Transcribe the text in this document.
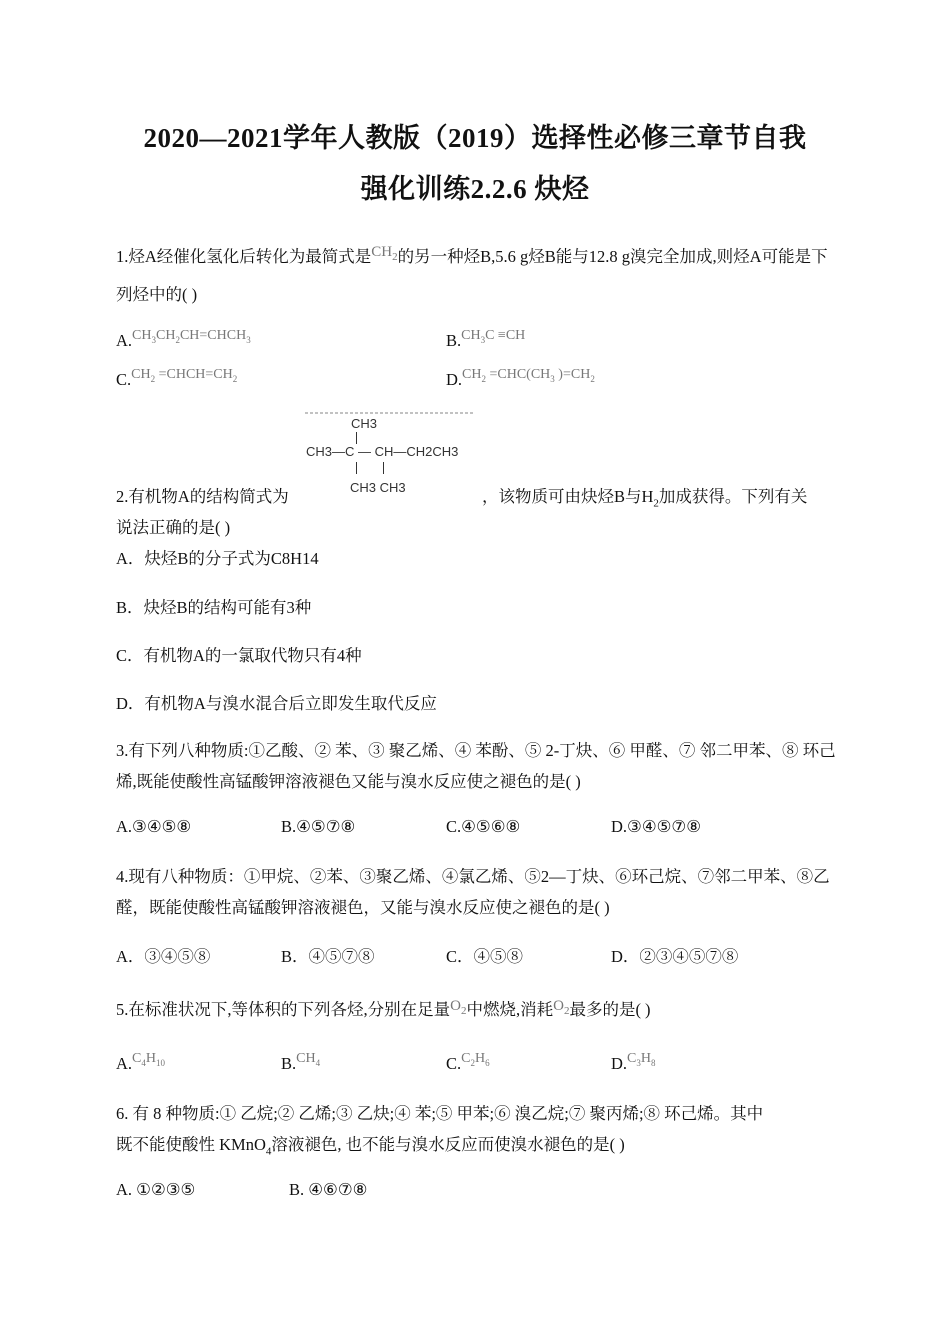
2020—2021学年人教版（2019）选择性必修三章节自我
强化训练2.2.6 炔烃
1.烃A经催化氢化后转化为最简式是$CH_2$的另一种烃B,5.6 g烃B能与12.8 g溴完全加成,则烃A可能是下列烃中的( )
A.$^{CH_3CH_2CH=CHCH_3}$	B.$^{CH_3C \equiv CH}$
C.$^{CH_2 =CHCH=CH_2}$	D.$^{CH_2 =CHC(CH_3 )=CH_2}$
CH3
CH3—C — CH—CH2CH3
CH3 CH3
2.有机物A的结构简式为	，该物质可由炔烃B与$H_2$加成获得。下列有关
说法正确的是( )
A．炔烃B的分子式为C8H14
B．炔烃B的结构可能有3种
C．有机物A的一氯取代物只有4种
D．有机物A与溴水混合后立即发生取代反应
3.有下列八种物质:①乙酸、② 苯、③ 聚乙烯、④ 苯酚、⑤ 2-丁炔、⑥ 甲醛、⑦ 邻二甲苯、⑧ 环己烯,既能使酸性高锰酸钾溶液褪色又能与溴水反应使之褪色的是( )
A.③④⑤⑧	B.④⑤⑦⑧	C.④⑤⑥⑧	D.③④⑤⑦⑧
4.现有八种物质：①甲烷、②苯、③聚乙烯、④氯乙烯、⑤2—丁炔、⑥环己烷、⑦邻二甲苯、⑧乙醛，既能使酸性高锰酸钾溶液褪色，又能与溴水反应使之褪色的是( )
A．③④⑤⑧	B．④⑤⑦⑧	C．④⑤⑧	D．②③④⑤⑦⑧
5.在标准状况下,等体积的下列各烃,分别在足量$O_2$中燃烧,消耗$O_2$最多的是( )
A.$^{C_4H_{10}}$	B.$^{CH_4}$	C.$^{C_2H_6}$	D.$^{C_3H_8}$
6. 有 8 种物质:① 乙烷;② 乙烯;③ 乙炔;④ 苯;⑤ 甲苯;⑥ 溴乙烷;⑦ 聚丙烯;⑧ 环己烯。其中
既不能使酸性 KMnO$_4$溶液褪色, 也不能与溴水反应而使溴水褪色的是( )
A. ①②③⑤	B. ④⑥⑦⑧
